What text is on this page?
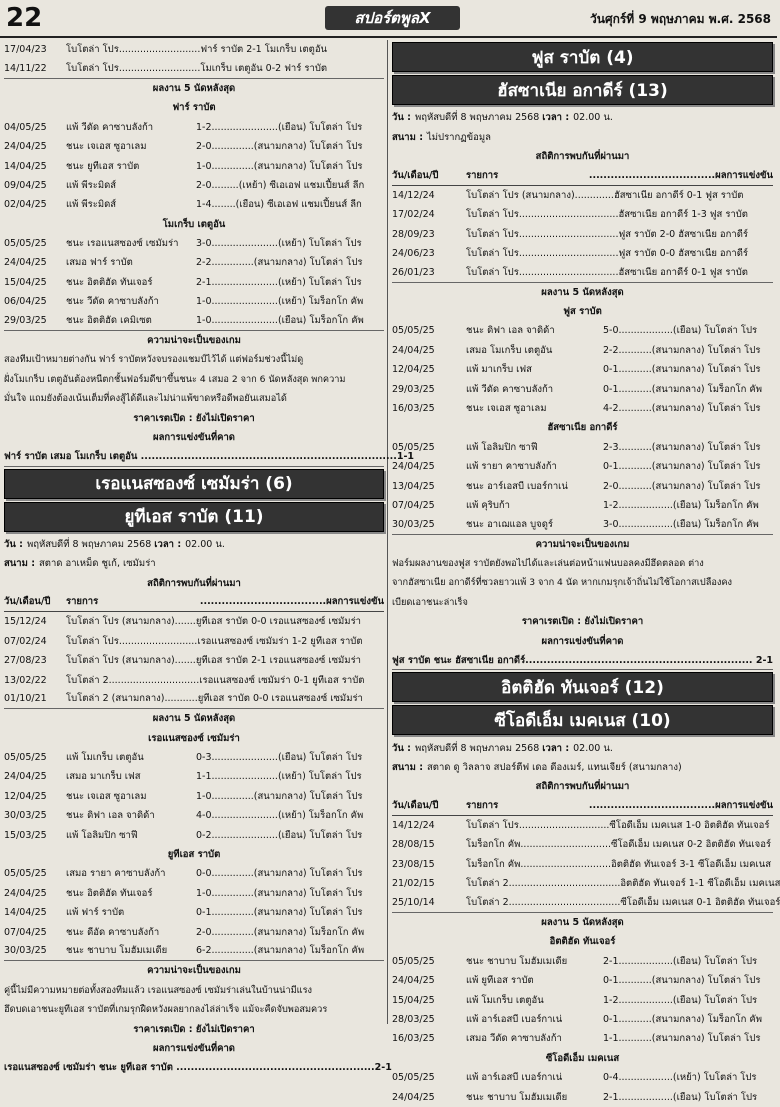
22	สปอร์ตพูลX	วันศุกร์ที่ 9 พฤษภาคม พ.ศ. 2568
17/04/23	โบโตล่า โปร...........................ฟาร์ ราบัต 2-1 โมเกร็บ เตตูอัน
14/11/22	โบโตล่า โปร...........................โมเกร็บ เตตูอัน 0-2 ฟาร์ ราบัต
ผลงาน 5 นัดหลังสุด
ฟาร์ ราบัต
04/05/25	แพ้ วีดัด คาซาบลังก้า	1-2......................(เยือน) โบโตล่า โปร
24/04/25	ชนะ เจเอส ซูอาเลม	2-0..............(สนามกลาง) โบโตล่า โปร
14/04/25	ชนะ ยูทีเอส ราบัต	1-0..............(สนามกลาง) โบโตล่า โปร
09/04/25	แพ้ พีระมิดส์	2-0.........(เหย้า) ซีเอเอฟ แชมเปี้ยนส์ ลีก
02/04/25	แพ้ พีระมิดส์	1-4........(เยือน) ซีเอเอฟ แชมเปี้ยนส์ ลีก
โมเกร็บ เตตูอัน
05/05/25	ชนะ เรอแนสซองซ์ เซมัมร่า	3-0......................(เหย้า) โบโตล่า โปร
24/04/25	เสมอ ฟาร์ ราบัต	2-2..............(สนามกลาง) โบโตล่า โปร
15/04/25	ชนะ อิตติฮัด ทันเจอร์	2-1......................(เหย้า) โบโตล่า โปร
06/04/25	ชนะ วีดัด คาซาบลังก้า	1-0......................(เหย้า) โมร็อกโก คัพ
29/03/25	ชนะ อิตติฮัด เคมิเซต	1-0......................(เยือน) โมร็อกโก คัพ
ความน่าจะเป็นของเกม
สองทีมเป้าหมายต่างกัน ฟาร์ ราบัตหวังจบรองแชมป์ไว้ได้ แต่ฟอร์มช่วงนี้ไม่ดู
ฝั่งโมเกร็บ เตตูอันต้องหนีตกชั้นฟอร์มดีขาขึ้นชนะ 4 เสมอ 2 จาก 6 นัดหลังสุด พกความ
มั่นใจ แถมยังต้องเน้นเต็มที่คงสู้ได้ดีและไม่น่าแพ้ขาดหรือดีพอยันเสมอได้
ราคาเรตเปิด : ยังไม่เปิดราคา
ผลการแข่งขันที่คาด
ฟาร์ ราบัต เสมอ โมเกร็บ เตตูอัน ....................................................................... 1-1
เรอแนสซองซ์ เซมัมร่า (6)
ยูทีเอส ราบัต (11)
วัน : พฤหัสบดีที่ 8 พฤษภาคม 2568
เวลา : 02.00 น.
สนาม : สตาด อาเหม็ด ชูเก้, เซมัมร่า
สถิติการพบกันที่ผ่านมา
วัน/เดือน/ปี	รายการ	...................................ผลการแข่งขัน
15/12/24	โบโตล่า โปร (สนามกลาง).......ยูทีเอส ราบัต 0-0 เรอแนสซองซ์ เซมัมร่า
07/02/24	โบโตล่า โปร..........................เรอแนสซองซ์ เซมัมร่า 1-2 ยูทีเอส ราบัต
27/08/23	โบโตล่า โปร (สนามกลาง).......ยูทีเอส ราบัต 2-1 เรอแนสซองซ์ เซมัมร่า
13/02/22	โบโตล่า 2..............................เรอแนสซองซ์ เซมัมร่า 0-1 ยูทีเอส ราบัต
01/10/21	โบโตล่า 2 (สนามกลาง)...........ยูทีเอส ราบัต 0-0 เรอแนสซองซ์ เซมัมร่า
ผลงาน 5 นัดหลังสุด
เรอแนสซองซ์ เซมัมร่า
05/05/25	แพ้ โมเกร็บ เตตูอัน	0-3......................(เยือน) โบโตล่า โปร
24/04/25	เสมอ มาเกร็บ เฟส	1-1......................(เหย้า) โบโตล่า โปร
12/04/25	ชนะ เจเอส ซูอาเลม	1-0..............(สนามกลาง) โบโตล่า โปร
30/03/25	ชนะ ดิฟา เอล จาดิด้า	4-0......................(เหย้า) โมร็อกโก คัพ
15/03/25	แพ้ โอลิมปิก ซาฟี	0-2......................(เยือน) โบโตล่า โปร
ยูทีเอส ราบัต
05/05/25	เสมอ รายา คาซาบลังก้า	0-0..............(สนามกลาง) โบโตล่า โปร
24/04/25	ชนะ อิตติฮัด ทันเจอร์	1-0..............(สนามกลาง) โบโตล่า โปร
14/04/25	แพ้ ฟาร์ ราบัต	0-1..............(สนามกลาง) โบโตล่า โปร
07/04/25	ชนะ ดีอัด คาซาบลังก้า	2-0..............(สนามกลาง) โมร็อกโก คัพ
30/03/25	ชนะ ชาบาบ โมฮัมเมเดีย	6-2..............(สนามกลาง) โมร็อกโก คัพ
ความน่าจะเป็นของเกม
คู่นี้ไม่มีความหมายต่อทั้งสองทีมแล้ว เรอแนสซองซ์ เซมัมร่าเล่นในบ้านน่ามีแรง
ฮึดบดเอาชนะยูทีเอส ราบัตที่เกมรุกฝืดหวังผลยากลงไล่ล่าเร็จ แม้จะคืดจับพอสมควร
ราคาเรตเปิด : ยังไม่เปิดราคา
ผลการแข่งขันที่คาด
เรอแนสซองซ์ เซมัมร่า ชนะ ยูทีเอส ราบัต ....................................................... 2-1
ฟูส ราบัต (4)
ฮัสซาเนีย อกาดีร์ (13)
วัน : พฤหัสบดีที่ 8 พฤษภาคม 2568
เวลา : 02.00 น.
สนาม : ไม่ปรากฏข้อมูล
สถิติการพบกันที่ผ่านมา
วัน/เดือน/ปี	รายการ	...................................ผลการแข่งขัน
14/12/24	โบโตล่า โปร (สนามกลาง).............ฮัสซาเนีย อกาดีร์ 0-1 ฟูส ราบัต
17/02/24	โบโตล่า โปร.................................ฮัสซาเนีย อกาดีร์ 1-3 ฟูส ราบัต
28/09/23	โบโตล่า โปร.................................ฟูส ราบัต 2-0 ฮัสซาเนีย อกาดีร์
24/06/23	โบโตล่า โปร.................................ฟูส ราบัต 0-0 ฮัสซาเนีย อกาดีร์
26/01/23	โบโตล่า โปร.................................ฮัสซาเนีย อกาดีร์ 0-1 ฟูส ราบัต
ผลงาน 5 นัดหลังสุด
ฟูส ราบัต
05/05/25	ชนะ ดิฟา เอล จาดิด้า	5-0..................(เยือน) โบโตล่า โปร
24/04/25	เสมอ โมเกร็บ เตตูอัน	2-2...........(สนามกลาง) โบโตล่า โปร
12/04/25	แพ้ มาเกร็บ เฟส	0-1...........(สนามกลาง) โบโตล่า โปร
29/03/25	แพ้ วีดัด คาซาบลังก้า	0-1...........(สนามกลาง) โมร็อกโก คัพ
16/03/25	ชนะ เจเอส ซูอาเลม	4-2...........(สนามกลาง) โบโตล่า โปร
ฮัสซาเนีย อกาดีร์
05/05/25	แพ้ โอลิมปิก ซาฟี	2-3...........(สนามกลาง) โบโตล่า โปร
24/04/25	แพ้ รายา คาซาบลังก้า	0-1...........(สนามกลาง) โบโตล่า โปร
13/04/25	ชนะ อาร์เอสบี เบอร์กาเน่	2-0...........(สนามกลาง) โบโตล่า โปร
07/04/25	แพ้ คุริบก้า	1-2..................(เยือน) โมร็อกโก คัพ
30/03/25	ชนะ อาเฌแอล บูจดูร์	3-0..................(เยือน) โมร็อกโก คัพ
ความน่าจะเป็นของเกม
ฟอร์มผลงานของฟูส ราบัตยังพอไปได้และเล่นต่อหน้าแฟนบอลคงมีฮึดตลอด ต่าง
จากฮัสซาเนีย อกาดีร์ที่ซวลยาวแพ้ 3 จาก 4 นัด หากเกมรุกเจ้าถิ่นไม่ใช้โอกาสเปลืองคง
เบียดเอาชนะล่าเร็จ
ราคาเรตเปิด : ยังไม่เปิดราคา
ผลการแข่งขันที่คาด
ฟูส ราบัต ชนะ ฮัสซาเนีย อกาดีร์............................................................... 2-1
อิตติฮัด ทันเจอร์ (12)
ซีโอดีเอ็ม เมคเนส (10)
วัน : พฤหัสบดีที่ 8 พฤษภาคม 2568
เวลา : 02.00 น.
สนาม : สตาด ดู วิลลาจ สปอร์ตีฟ เดอ ดีองเมร์, แทนเจียร์ (สนามกลาง)
สถิติการพบกันที่ผ่านมา
วัน/เดือน/ปี	รายการ	...................................ผลการแข่งขัน
14/12/24	โบโตล่า โปร..............................ซีโอดีเอ็ม เมคเนส 1-0 อิตติฮัด ทันเจอร์
28/08/15	โมร็อกโก คัพ..............................ซีโอดีเอ็ม เมคเนส 0-2 อิตติฮัด ทันเจอร์
23/08/15	โมร็อกโก คัพ..............................อิตติฮัด ทันเจอร์ 3-1 ซีโอดีเอ็ม เมคเนส
21/02/15	โบโตล่า 2.....................................อิตติฮัด ทันเจอร์ 1-1 ซีโอดีเอ็ม เมคเนส
25/10/14	โบโตล่า 2.....................................ซีโอดีเอ็ม เมคเนส 0-1 อิตติฮัด ทันเจอร์
ผลงาน 5 นัดหลังสุด
อิตติฮัด ทันเจอร์
05/05/25	ชนะ ชาบาบ โมฮัมเมเดีย	2-1..................(เยือน) โบโตล่า โปร
24/04/25	แพ้ ยูทีเอส ราบัต	0-1...........(สนามกลาง) โบโตล่า โปร
15/04/25	แพ้ โมเกร็บ เตตูอัน	1-2..................(เยือน) โบโตล่า โปร
28/03/25	แพ้ อาร์เอสบี เบอร์กาเน่	0-1...........(สนามกลาง) โมร็อกโก คัพ
16/03/25	เสมอ วีดัด คาซาบลังก้า	1-1...........(สนามกลาง) โบโตล่า โปร
ซีโอดีเอ็ม เมคเนส
05/05/25	แพ้ อาร์เอสบี เบอร์กาเน่	0-4..................(เหย้า) โบโตล่า โปร
24/04/25	ชนะ ชาบาบ โมฮัมเมเดีย	2-1..................(เยือน) โบโตล่า โปร
